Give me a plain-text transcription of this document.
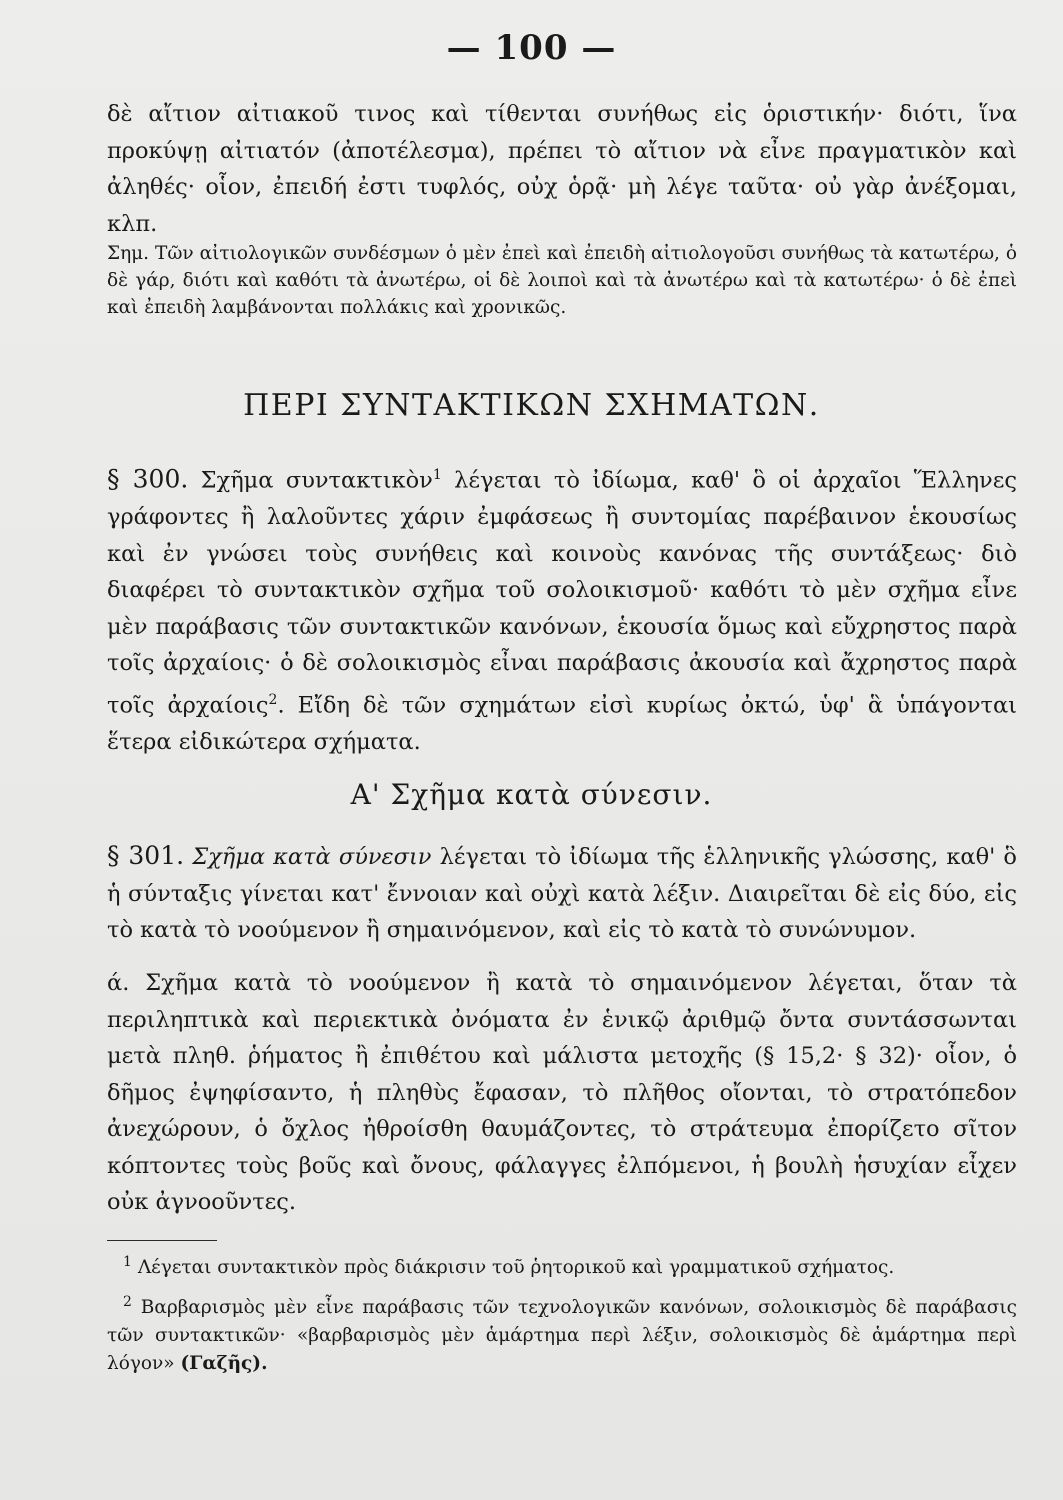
— 100 —

δὲ αἴτιον αἰτιακοῦ τινος καὶ τίθενται συνήθως εἰς ὁριστικήν· διότι, ἵνα προκύψῃ αἰτιατόν (ἀποτέλεσμα), πρέπει τὸ αἴτιον νὰ εἶνε πραγματικὸν καὶ ἀληθές· οἷον, ἐπειδή ἐστι τυφλός, οὐχ ὁρᾷ· μὴ λέγε ταῦτα· οὐ γὰρ ἀνέξομαι, κλπ.

Σημ. Τῶν αἰτιολογικῶν συνδέσμων ὁ μὲν ἐπεὶ καὶ ἐπειδὴ αἰτιολογοῦσι συνήθως τὰ κατωτέρω, ὁ δὲ γάρ, διότι καὶ καθότι τὰ ἀνωτέρω, οἱ δὲ λοιποὶ καὶ τὰ ἀνωτέρω καὶ τὰ κατωτέρω· ὁ δὲ ἐπεὶ καὶ ἐπειδὴ λαμβάνονται πολλάκις καὶ χρονικῶς.

ΠΕΡΙ ΣΥΝΤΑΚΤΙΚΩΝ ΣΧΗΜΑΤΩΝ.

§ 300. Σχῆμα συντακτικὸν$^1$ λέγεται τὸ ἰδίωμα, καθ' ὃ οἱ ἀρχαῖοι Ἕλληνες γράφοντες ἢ λαλοῦντες χάριν ἐμφάσεως ἢ συντομίας παρέβαινον ἑκουσίως καὶ ἐν γνώσει τοὺς συνήθεις καὶ κοινοὺς κανόνας τῆς συντάξεως· διὸ διαφέρει τὸ συντακτικὸν σχῆμα τοῦ σολοικισμοῦ· καθότι τὸ μὲν σχῆμα εἶνε μὲν παράβασις τῶν συντακτικῶν κανόνων, ἑκουσία ὅμως καὶ εὔχρηστος παρὰ τοῖς ἀρχαίοις· ὁ δὲ σολοικισμὸς εἶναι παράβασις ἀκουσία καὶ ἄχρηστος παρὰ τοῖς ἀρχαίοις$^2$. Εἴδη δὲ τῶν σχημάτων εἰσὶ κυρίως ὀκτώ, ὑφ' ἃ ὑπάγονται ἕτερα εἰδικώτερα σχήματα.

Α' Σχῆμα κατὰ σύνεσιν.

§ 301. Σχῆμα κατὰ σύνεσιν λέγεται τὸ ἰδίωμα τῆς ἑλληνικῆς γλώσσης, καθ' ὃ ἡ σύνταξις γίνεται κατ' ἔννοιαν καὶ οὐχὶ κατὰ λέξιν. Διαιρεῖται δὲ εἰς δύο, εἰς τὸ κατὰ τὸ νοούμενον ἢ σημαινόμενον, καὶ εἰς τὸ κατὰ τὸ συνώνυμον.

ά. Σχῆμα κατὰ τὸ νοούμενον ἢ κατὰ τὸ σημαινόμενον λέγεται, ὅταν τὰ περιληπτικὰ καὶ περιεκτικὰ ὀνόματα ἐν ἑνικῷ ἀριθμῷ ὄντα συντάσσωνται μετὰ πληθ. ῥήματος ἢ ἐπιθέτου καὶ μάλιστα μετοχῆς (§ 15,2· § 32)· οἷον, ὁ δῆμος ἐψηφίσαντο, ἡ πληθὺς ἔφασαν, τὸ πλῆθος οἴονται, τὸ στρατόπεδον ἀνεχώρουν, ὁ ὄχλος ἠθροίσθη θαυμάζοντες, τὸ στράτευμα ἐπορίζετο σῖτον κόπτοντες τοὺς βοῦς καὶ ὄνους, φάλαγγες ἐλπόμενοι, ἡ βουλὴ ἡσυχίαν εἶχεν οὐκ ἀγνοοῦντες.

$^1$ Λέγεται συντακτικὸν πρὸς διάκρισιν τοῦ ῥητορικοῦ καὶ γραμματικοῦ σχήματος.

$^2$ Βαρβαρισμὸς μὲν εἶνε παράβασις τῶν τεχνολογικῶν κανόνων, σολοικισμὸς δὲ παράβασις τῶν συντακτικῶν· «βαρβαρισμὸς μὲν ἁμάρτημα περὶ λέξιν, σολοικισμὸς δὲ ἁμάρτημα περὶ λόγον» (Γαζῆς).
